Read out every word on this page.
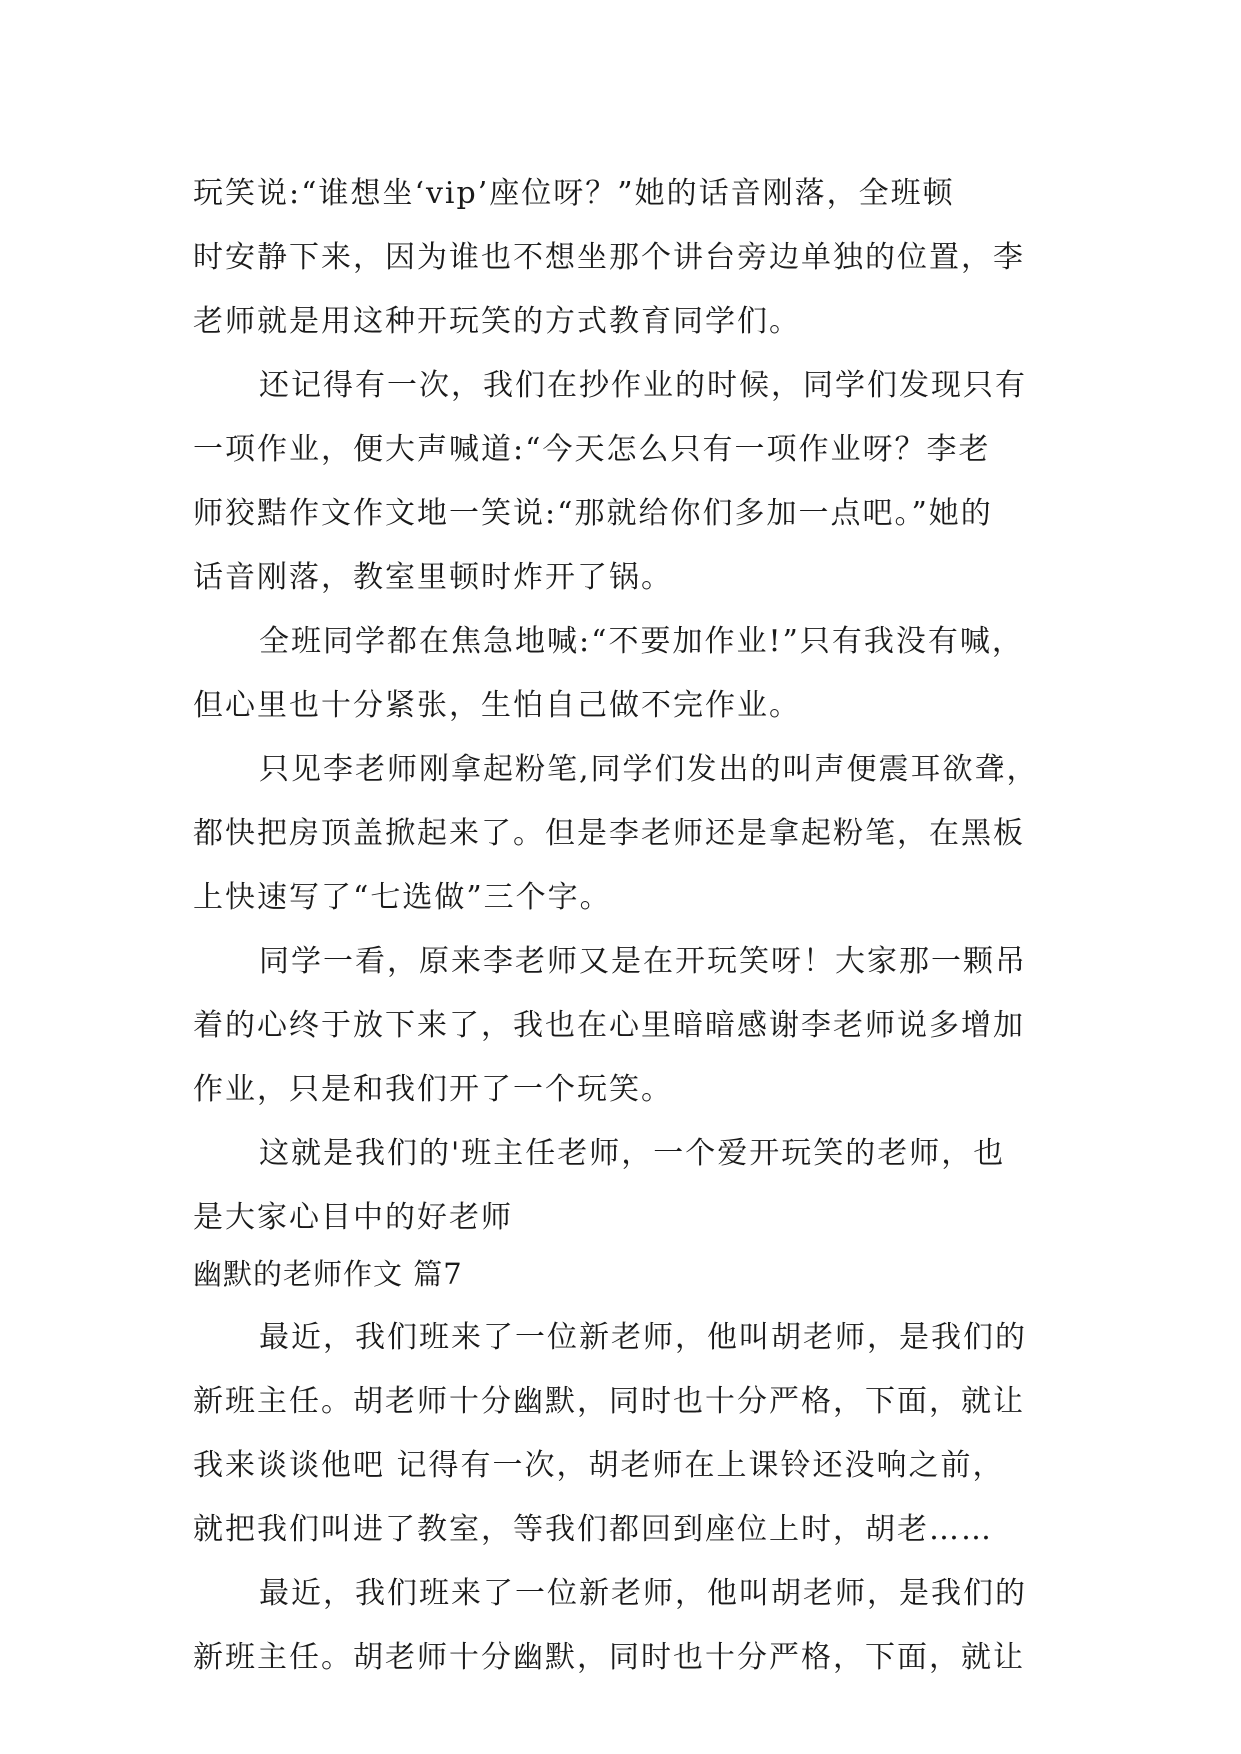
玩笑说:“谁想坐‘vip’座位呀？”她的话音刚落，全班顿
时安静下来，因为谁也不想坐那个讲台旁边单独的位置，李
老师就是用这种开玩笑的方式教育同学们。
还记得有一次，我们在抄作业的时候，同学们发现只有
一项作业，便大声喊道:“今天怎么只有一项作业呀？李老
师狡黠作文作文地一笑说:“那就给你们多加一点吧。”她的
话音刚落，教室里顿时炸开了锅。
全班同学都在焦急地喊:“不要加作业!”只有我没有喊，
但心里也十分紧张，生怕自己做不完作业。
只见李老师刚拿起粉笔,同学们发出的叫声便震耳欲聋，
都快把房顶盖掀起来了。但是李老师还是拿起粉笔，在黑板
上快速写了“七选做”三个字。
同学一看，原来李老师又是在开玩笑呀！大家那一颗吊
着的心终于放下来了，我也在心里暗暗感谢李老师说多增加
作业，只是和我们开了一个玩笑。
这就是我们的'班主任老师，一个爱开玩笑的老师，也
是大家心目中的好老师
幽默的老师作文 篇7
最近，我们班来了一位新老师，他叫胡老师，是我们的
新班主任。胡老师十分幽默，同时也十分严格，下面，就让
我来谈谈他吧 记得有一次，胡老师在上课铃还没响之前，
就把我们叫进了教室，等我们都回到座位上时，胡老……
最近，我们班来了一位新老师，他叫胡老师，是我们的
新班主任。胡老师十分幽默，同时也十分严格，下面，就让
